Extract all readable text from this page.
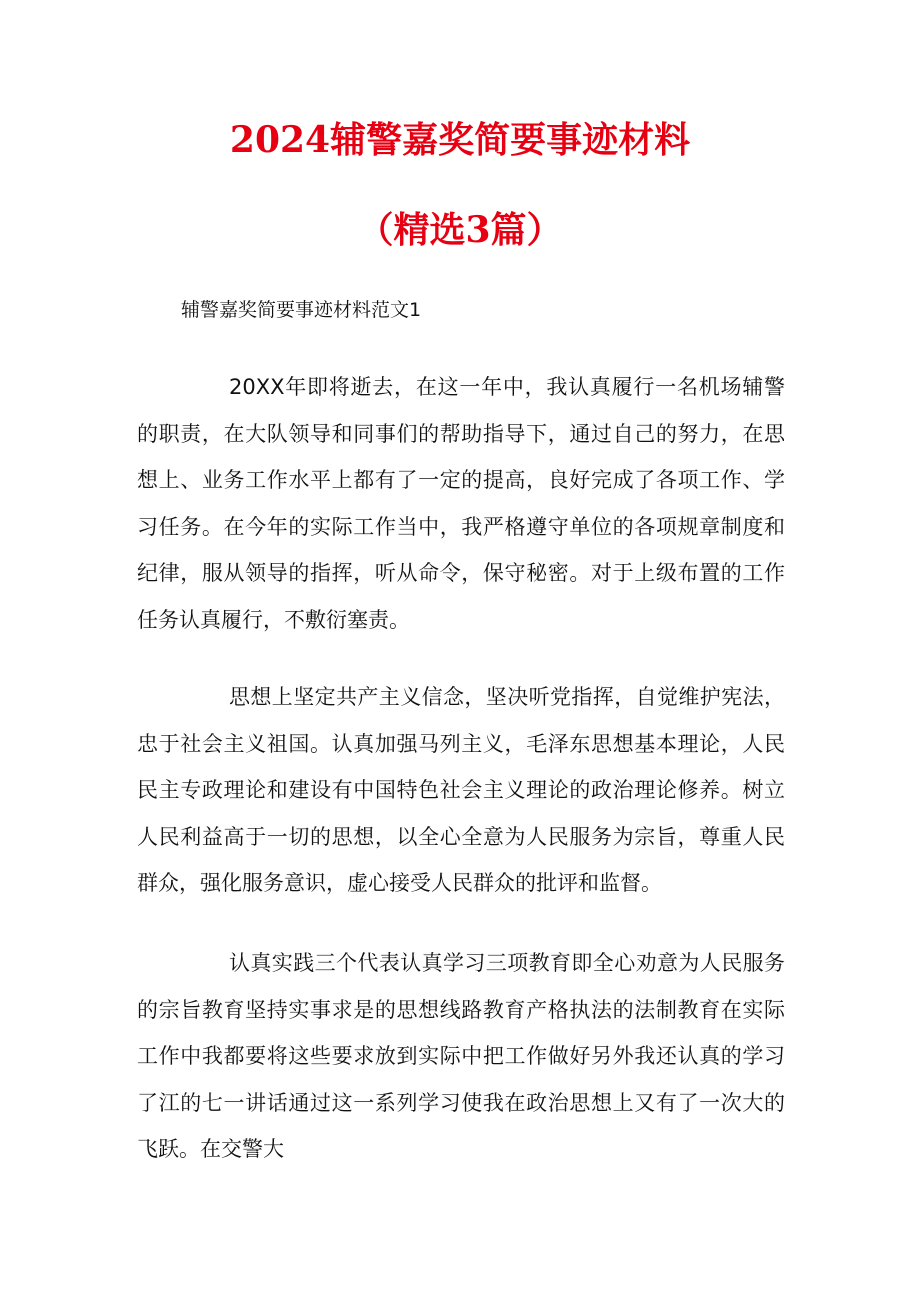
2024辅警嘉奖简要事迹材料
（精选3篇）

辅警嘉奖简要事迹材料范文1

20XX年即将逝去，在这一年中，我认真履行一名机场辅警的职责，在大队领导和同事们的帮助指导下，通过自己的努力，在思想上、业务工作水平上都有了一定的提高，良好完成了各项工作、学习任务。在今年的实际工作当中，我严格遵守单位的各项规章制度和纪律，服从领导的指挥，听从命令，保守秘密。对于上级布置的工作任务认真履行，不敷衍塞责。

思想上坚定共产主义信念，坚决听党指挥，自觉维护宪法，忠于社会主义祖国。认真加强马列主义，毛泽东思想基本理论，人民民主专政理论和建设有中国特色社会主义理论的政治理论修养。树立人民利益高于一切的思想，以全心全意为人民服务为宗旨，尊重人民群众，强化服务意识，虚心接受人民群众的批评和监督。

认真实践三个代表认真学习三项教育即全心劝意为人民服务的宗旨教育坚持实事求是的思想线路教育产格执法的法制教育在实际工作中我都要将这些要求放到实际中把工作做好另外我还认真的学习了江的七一讲话通过这一系列学习使我在政治思想上又有了一次大的飞跃。在交警大
